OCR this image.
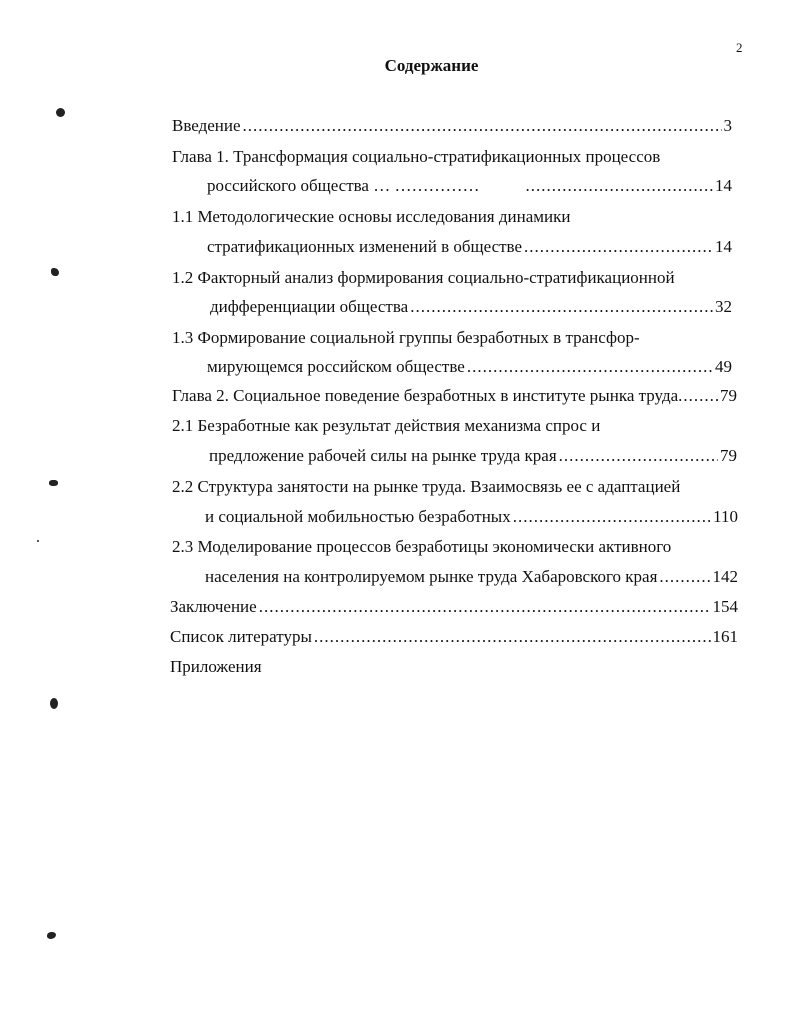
2
Содержание
Введение .....	3
Глава 1. Трансформация социально-стратификационных процессов
российского общества … …………… .....	14
1.1 Методологические основы исследования динамики
стратификационных изменений в обществе .....	14
1.2 Факторный анализ формирования социально-стратификационной
дифференциации общества .....	32
1.3 Формирование социальной группы безработных в трансфор-
мирующемся российском обществе .....	49
Глава 2. Социальное поведение безработных в институте рынка труда ..... 79
2.1 Безработные как результат действия механизма спрос и
предложение рабочей силы на рынке труда края .....	79
2.2 Структура занятости на рынке труда. Взаимосвязь ее с адаптацией
и социальной мобильностью безработных .....	110
2.3 Моделирование процессов безработицы экономически активного
населения на контролируемом рынке труда Хабаровского края .....	142
Заключение .....	154
Список литературы .....	161
Приложения
